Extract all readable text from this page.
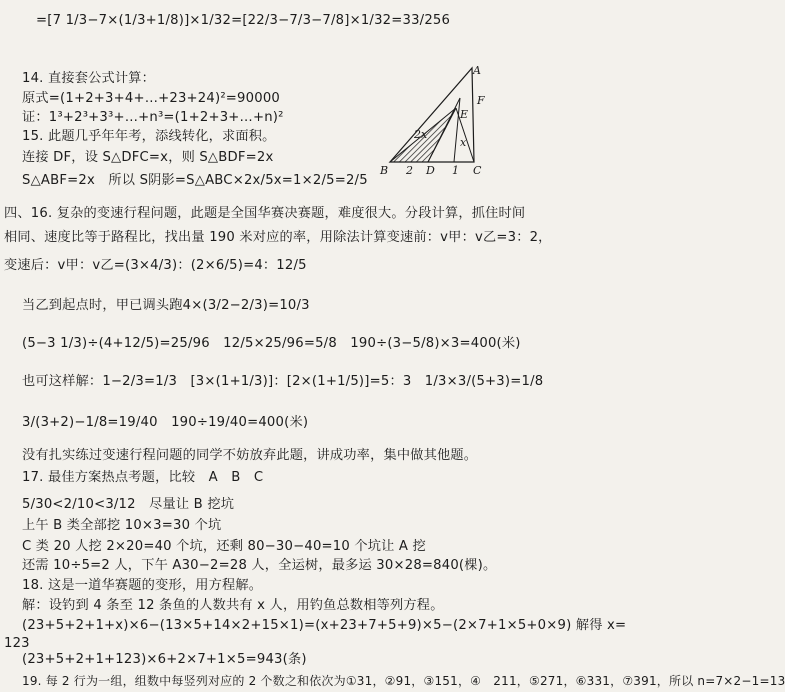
=[7 1/3−7×(1/3+1/8)]×1/32=[22/3−7/3−7/8]×1/32=33/256
14. 直接套公式计算：
原式=(1+2+3+4+…+23+24)²=90000
证：1³+2³+3³+…+n³=(1+2+3+…+n)²
15. 此题几乎年年考，添线转化，求面积。
连接 DF，设 S△DFC=x，则 S△BDF=2x
S△ABF=2x　所以 S阴影=S△ABC×2x/5x=1×2/5=2/5
四、16. 复杂的变速行程问题，此题是全国华赛决赛题，难度很大。分段计算，抓住时间
相同、速度比等于路程比，找出量 190 米对应的率，用除法计算变速前：v甲：v乙=3：2，
变速后：v甲：v乙=(3×4/3)：(2×6/5)=4：12/5
当乙到起点时，甲已调头跑4×(3/2−2/3)=10/3
(5−3 1/3)÷(4+12/5)=25/96　12/5×25/96=5/8　190÷(3−5/8)×3=400(米)
也可这样解：1−2/3=1/3　[3×(1+1/3)]：[2×(1+1/5)]=5：3　1/3×3/(5+3)=1/8
3/(3+2)−1/8=19/40　190÷19/40=400(米)
没有扎实练过变速行程问题的同学不妨放弃此题，讲成功率，集中做其他题。
17. 最佳方案热点考题，比较　A　B　C
5/30<2/10<3/12　尽量让 B 挖坑
上午 B 类全部挖 10×3=30 个坑
C 类 20 人挖 2×20=40 个坑，还剩 80−30−40=10 个坑让 A 挖
还需 10÷5=2 人，下午 A30−2=28 人，全运树，最多运 30×28=840(棵)。
18. 这是一道华赛题的变形，用方程解。
解：设钓到 4 条至 12 条鱼的人数共有 x 人，用钓鱼总数相等列方程。
(23+5+2+1+x)×6−(13×5+14×2+15×1)=(x+23+7+5+9)×5−(2×7+1×5+0×9) 解得 x=
123
(23+5+2+1+123)×6+2×7+1×5=943(条)
19. 每 2 行为一组，组数中每竖列对应的 2 个数之和依次为①31，②91，③151，④　211，⑤271，⑥331，⑦391，所以 n=7×2−1=13
A
F
E
2x
x
B 2 D 1 C
